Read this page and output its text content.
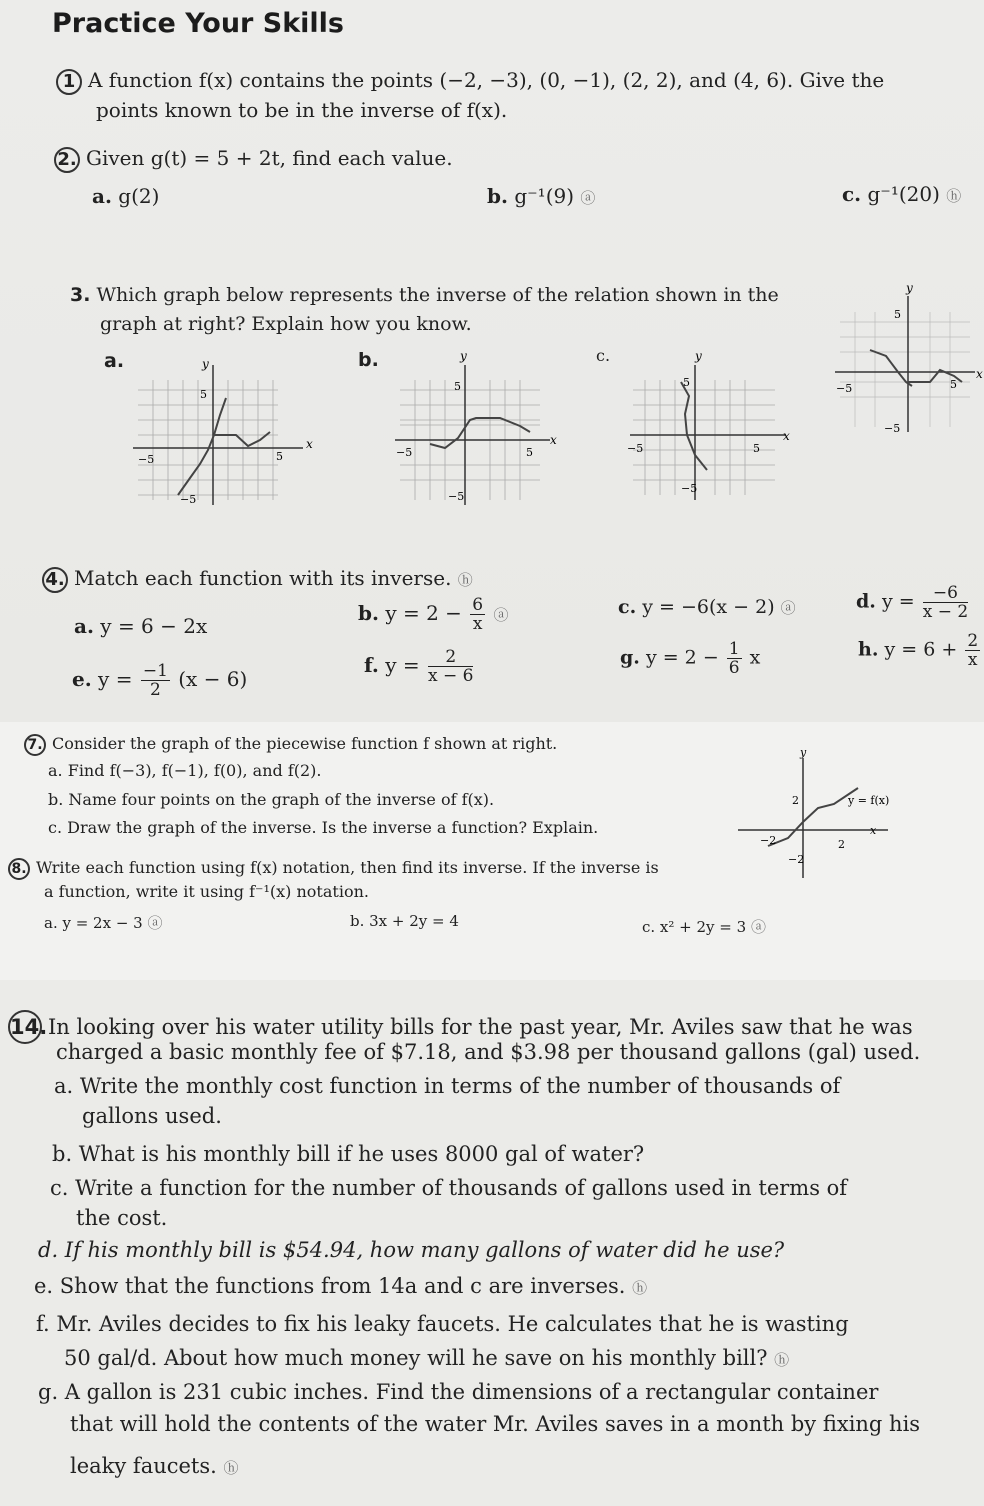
Practice Your Skills
1 A function f(x) contains the points (−2, −3), (0, −1), (2, 2), and (4, 6). Give the
points known to be in the inverse of f(x).
2. Given g(t) = 5 + 2t, find each value.
a. g(2)	b. g⁻¹(9) ⓐ	c. g⁻¹(20) ⓗ
3. Which graph below represents the inverse of the relation shown in the
graph at right? Explain how you know.
a.	b.	c.
y
x
5
5
−5
−5
y
x
5
5
−5
−5
y
x
5
5
−5
−5
y
x
5
5
−5
−5
4. Match each function with its inverse. ⓗ
a. y = 6 − 2x
b. $y = 2 - \frac{6}{x}$ ⓐ	c. y = −6(x − 2) ⓐ	d. $y = \frac{-6}{x - 2}$
e. $y = \frac{-1}{2} (x - 6)$
f. $y = \frac{2}{x - 6}$	g. $y = 2 - \frac{1}{6}$ x	h. $y = 6 + \frac{2}{x}$
7. Consider the graph of the piecewise function f shown at right.
a. Find f(−3), f(−1), f(0), and f(2).
b. Name four points on the graph of the inverse of f(x).
c. Draw the graph of the inverse. Is the inverse a function? Explain.
y
x
2
2
−2
−2
y = f(x)
8. Write each function using f(x) notation, then find its inverse. If the inverse is
a function, write it using f⁻¹(x) notation.
a. y = 2x − 3 ⓐ	b. 3x + 2y = 4	c. x² + 2y = 3 ⓐ
14.In looking over his water utility bills for the past year, Mr. Aviles saw that he was
charged a basic monthly fee of $7.18, and $3.98 per thousand gallons (gal) used.
a. Write the monthly cost function in terms of the number of thousands of
gallons used.
b. What is his monthly bill if he uses 8000 gal of water?
c. Write a function for the number of thousands of gallons used in terms of
the cost.
d. If his monthly bill is $54.94, how many gallons of water did he use?
e. Show that the functions from 14a and c are inverses. ⓗ
f. Mr. Aviles decides to fix his leaky faucets. He calculates that he is wasting
50 gal/d. About how much money will he save on his monthly bill? ⓗ
g. A gallon is 231 cubic inches. Find the dimensions of a rectangular container
that will hold the contents of the water Mr. Aviles saves in a month by fixing his
leaky faucets. ⓗ
